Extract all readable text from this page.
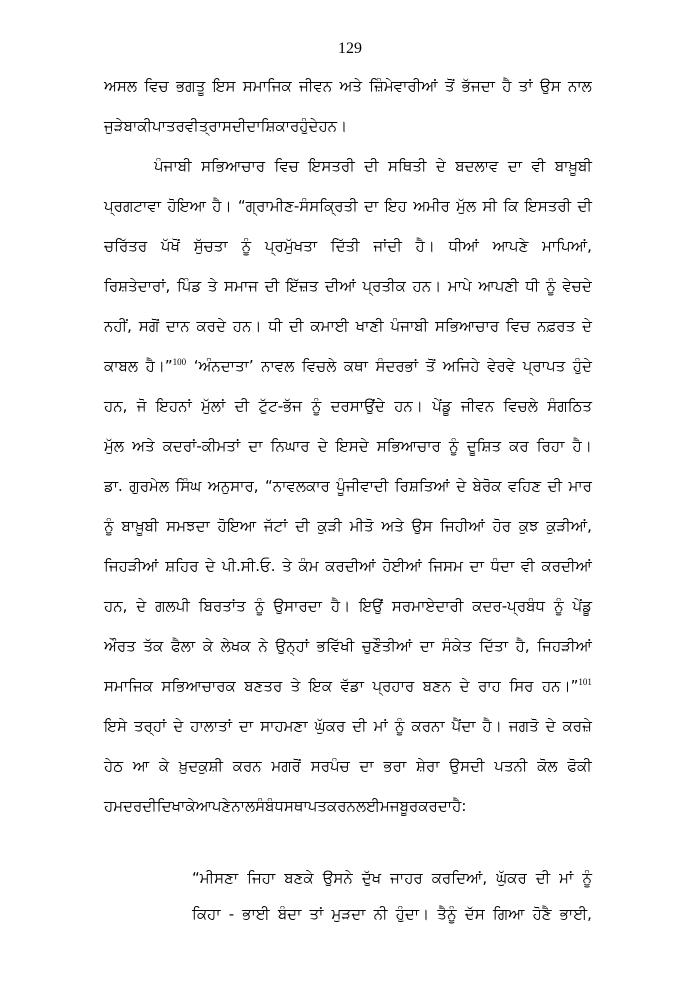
129
ਅਸਲ ਵਿਚ ਭਗਤੂ ਇਸ ਸਮਾਜਿਕ ਜੀਵਨ ਅਤੇ ਜ਼ਿੰਮੇਵਾਰੀਆਂ ਤੋਂ ਭੱਜਦਾ ਹੈ ਤਾਂ ਉਸ ਨਾਲ
ਜੁੜੇ ਬਾਕੀ ਪਾਤਰ ਵੀ ਤ੍ਰਾਸਦੀ ਦਾ ਸ਼ਿਕਾਰ ਹੁੰਦੇ ਹਨ।
ਪੰਜਾਬੀ ਸਭਿਆਚਾਰ ਵਿਚ ਇਸਤਰੀ ਦੀ ਸਥਿਤੀ ਦੇ ਬਦਲਾਵ ਦਾ ਵੀ ਬਾਖ਼ੂਬੀ
ਪ੍ਰਗਟਾਵਾ ਹੋਇਆ ਹੈ। “ਗ੍ਰਾਮੀਣ-ਸੰਸਕ੍ਰਿਤੀ ਦਾ ਇਹ ਅਮੀਰ ਮੁੱਲ ਸੀ ਕਿ ਇਸਤਰੀ ਦੀ
ਚਰਿੱਤਰ ਪੱਖੋਂ ਸੁੱਚਤਾ ਨੂੰ ਪ੍ਰਮੁੱਖਤਾ ਦਿੱਤੀ ਜਾਂਦੀ ਹੈ। ਧੀਆਂ ਆਪਣੇ ਮਾਪਿਆਂ,
ਰਿਸ਼ਤੇਦਾਰਾਂ, ਪਿੰਡ ਤੇ ਸਮਾਜ ਦੀ ਇੱਜ਼ਤ ਦੀਆਂ ਪ੍ਰਤੀਕ ਹਨ। ਮਾਪੇ ਆਪਣੀ ਧੀ ਨੂੰ ਵੇਚਦੇ
ਨਹੀਂ, ਸਗੋਂ ਦਾਨ ਕਰਦੇ ਹਨ। ਧੀ ਦੀ ਕਮਾਈ ਖਾਣੀ ਪੰਜਾਬੀ ਸਭਿਆਚਾਰ ਵਿਚ ਨਫ਼ਰਤ ਦੇ
ਕਾਬਲ ਹੈ।”$^{100}$ ‘ਅੰਨਦਾਤਾ’ ਨਾਵਲ ਵਿਚਲੇ ਕਥਾ ਸੰਦਰਭਾਂ ਤੋਂ ਅਜਿਹੇ ਵੇਰਵੇ ਪ੍ਰਾਪਤ ਹੁੰਦੇ
ਹਨ, ਜੋ ਇਹਨਾਂ ਮੁੱਲਾਂ ਦੀ ਟੁੱਟ-ਭੱਜ ਨੂੰ ਦਰਸਾਉਂਦੇ ਹਨ। ਪੇਂਡੂ ਜੀਵਨ ਵਿਚਲੇ ਸੰਗਠਿਤ
ਮੁੱਲ ਅਤੇ ਕਦਰਾਂ-ਕੀਮਤਾਂ ਦਾ ਨਿਘਾਰ ਦੇ ਇਸਦੇ ਸਭਿਆਚਾਰ ਨੂੰ ਦੂਸ਼ਿਤ ਕਰ ਰਿਹਾ ਹੈ।
ਡਾ. ਗੁਰਮੇਲ ਸਿੰਘ ਅਨੁਸਾਰ, “ਨਾਵਲਕਾਰ ਪੂੰਜੀਵਾਦੀ ਰਿਸ਼ਤਿਆਂ ਦੇ ਬੇਰੋਕ ਵਹਿਣ ਦੀ ਮਾਰ
ਨੂੰ ਬਾਖ਼ੂਬੀ ਸਮਝਦਾ ਹੋਇਆ ਜੱਟਾਂ ਦੀ ਕੁੜੀ ਮੀਤੋ ਅਤੇ ਉਸ ਜਿਹੀਆਂ ਹੋਰ ਕੁਝ ਕੁੜੀਆਂ,
ਜਿਹੜੀਆਂ ਸ਼ਹਿਰ ਦੇ ਪੀ.ਸੀ.ਓ. ਤੇ ਕੰਮ ਕਰਦੀਆਂ ਹੋਈਆਂ ਜਿਸਮ ਦਾ ਧੰਦਾ ਵੀ ਕਰਦੀਆਂ
ਹਨ, ਦੇ ਗਲਪੀ ਬਿਰਤਾਂਤ ਨੂੰ ਉਸਾਰਦਾ ਹੈ। ਇਉਂ ਸਰਮਾਏਦਾਰੀ ਕਦਰ-ਪ੍ਰਬੰਧ ਨੂੰ ਪੇਂਡੂ
ਔਰਤ ਤੱਕ ਫੈਲਾ ਕੇ ਲੇਖਕ ਨੇ ਉਨ੍ਹਾਂ ਭਵਿੱਖੀ ਚੁਣੌਤੀਆਂ ਦਾ ਸੰਕੇਤ ਦਿੱਤਾ ਹੈ, ਜਿਹੜੀਆਂ
ਸਮਾਜਿਕ ਸਭਿਆਚਾਰਕ ਬਣਤਰ ਤੇ ਇਕ ਵੱਡਾ ਪ੍ਰਹਾਰ ਬਣਨ ਦੇ ਰਾਹ ਸਿਰ ਹਨ।”$^{101}$
ਇਸੇ ਤਰ੍ਹਾਂ ਦੇ ਹਾਲਾਤਾਂ ਦਾ ਸਾਹਮਣਾ ਘੁੱਕਰ ਦੀ ਮਾਂ ਨੂੰ ਕਰਨਾ ਪੈਂਦਾ ਹੈ। ਜਗਤੋ ਦੇ ਕਰਜ਼ੇ
ਹੇਠ ਆ ਕੇ ਖ਼ੁਦਕੁਸ਼ੀ ਕਰਨ ਮਗਰੋਂ ਸਰਪੰਚ ਦਾ ਭਰਾ ਸ਼ੇਰਾ ਉਸਦੀ ਪਤਨੀ ਕੋਲ ਫੋਕੀ
ਹਮਦਰਦੀ ਦਿਖਾਕੇ ਆਪਣੇ ਨਾਲ ਸੰਬੰਧ ਸਥਾਪਤ ਕਰਨ ਲਈ ਮਜਬੂਰ ਕਰਦਾ ਹੈ :
“ਮੀਸਣਾ ਜਿਹਾ ਬਣਕੇ ਉਸਨੇ ਦੁੱਖ ਜਾਹਰ ਕਰਦਿਆਂ, ਘੁੱਕਰ ਦੀ ਮਾਂ ਨੂੰ
ਕਿਹਾ - ਭਾਈ ਬੰਦਾ ਤਾਂ ਮੁੜਦਾ ਨੀ ਹੁੰਦਾ। ਤੈਨੂੰ ਦੱਸ ਗਿਆ ਹੋਣੈ ਭਾਈ,
